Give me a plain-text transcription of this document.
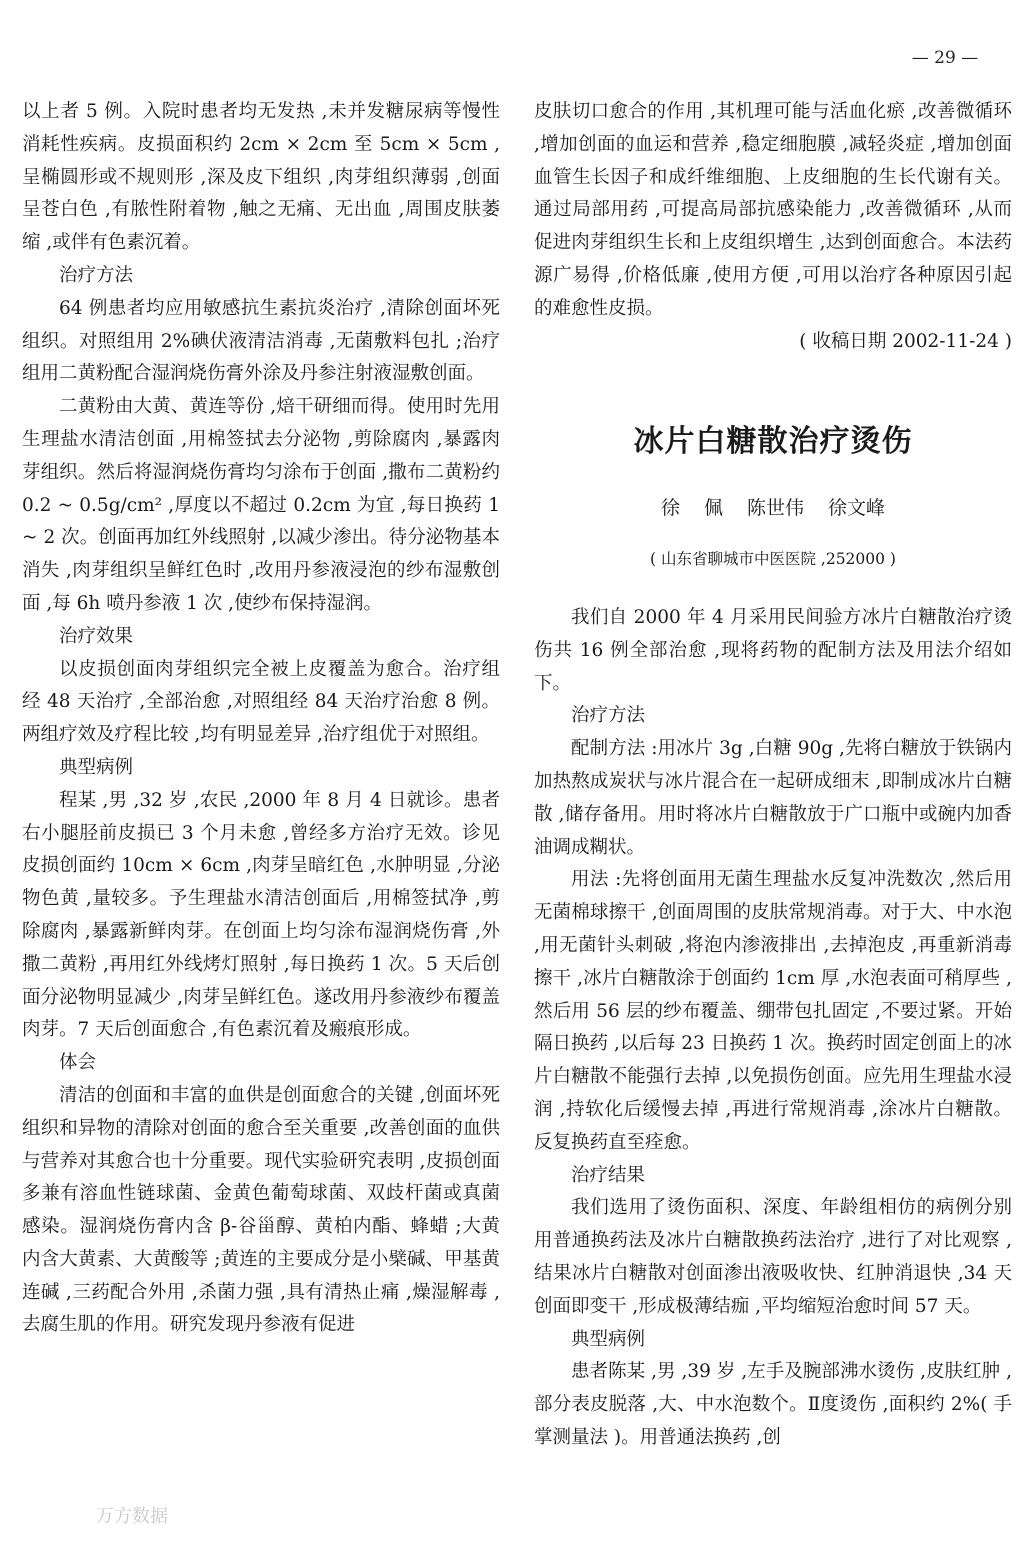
— 29 —

以上者 5 例。入院时患者均无发热 ,未并发糖尿病等慢性消耗性疾病。皮损面积约 2cm × 2cm 至 5cm × 5cm ,呈椭圆形或不规则形 ,深及皮下组织 ,肉芽组织薄弱 ,创面呈苍白色 ,有脓性附着物 ,触之无痛、无出血 ,周围皮肤萎缩 ,或伴有色素沉着。

治疗方法

64 例患者均应用敏感抗生素抗炎治疗 ,清除创面坏死组织。对照组用 2%碘伏液清洁消毒 ,无菌敷料包扎 ;治疗组用二黄粉配合湿润烧伤膏外涂及丹参注射液湿敷创面。

二黄粉由大黄、黄连等份 ,焙干研细而得。使用时先用生理盐水清洁创面 ,用棉签拭去分泌物 ,剪除腐肉 ,暴露肉芽组织。然后将湿润烧伤膏均匀涂布于创面 ,撒布二黄粉约 0.2 ~ 0.5g/cm² ,厚度以不超过 0.2cm 为宜 ,每日换药 1 ~ 2 次。创面再加红外线照射 ,以减少渗出。待分泌物基本消失 ,肉芽组织呈鲜红色时 ,改用丹参液浸泡的纱布湿敷创面 ,每 6h 喷丹参液 1 次 ,使纱布保持湿润。

治疗效果

以皮损创面肉芽组织完全被上皮覆盖为愈合。治疗组经 48 天治疗 ,全部治愈 ,对照组经 84 天治疗治愈 8 例。两组疗效及疗程比较 ,均有明显差异 ,治疗组优于对照组。

典型病例

程某 ,男 ,32 岁 ,农民 ,2000 年 8 月 4 日就诊。患者右小腿胫前皮损已 3 个月未愈 ,曾经多方治疗无效。诊见皮损创面约 10cm × 6cm ,肉芽呈暗红色 ,水肿明显 ,分泌物色黄 ,量较多。予生理盐水清洁创面后 ,用棉签拭净 ,剪除腐肉 ,暴露新鲜肉芽。在创面上均匀涂布湿润烧伤膏 ,外撒二黄粉 ,再用红外线烤灯照射 ,每日换药 1 次。5 天后创面分泌物明显减少 ,肉芽呈鲜红色。遂改用丹参液纱布覆盖肉芽。7 天后创面愈合 ,有色素沉着及瘢痕形成。

体会

清洁的创面和丰富的血供是创面愈合的关键 ,创面坏死组织和异物的清除对创面的愈合至关重要 ,改善创面的血供与营养对其愈合也十分重要。现代实验研究表明 ,皮损创面多兼有溶血性链球菌、金黄色葡萄球菌、双歧杆菌或真菌感染。湿润烧伤膏内含 β-谷甾醇、黄柏内酯、蜂蜡 ;大黄内含大黄素、大黄酸等 ;黄连的主要成分是小檗碱、甲基黄连碱 ,三药配合外用 ,杀菌力强 ,具有清热止痛 ,燥湿解毒 ,去腐生肌的作用。研究发现丹参液有促进

皮肤切口愈合的作用 ,其机理可能与活血化瘀 ,改善微循环 ,增加创面的血运和营养 ,稳定细胞膜 ,减轻炎症 ,增加创面血管生长因子和成纤维细胞、上皮细胞的生长代谢有关。通过局部用药 ,可提高局部抗感染能力 ,改善微循环 ,从而促进肉芽组织生长和上皮组织增生 ,达到创面愈合。本法药源广易得 ,价格低廉 ,使用方便 ,可用以治疗各种原因引起的难愈性皮损。

( 收稿日期 2002-11-24 )

冰片白糖散治疗烫伤

徐 佩 陈世伟 徐文峰

( 山东省聊城市中医医院 ,252000 )

我们自 2000 年 4 月采用民间验方冰片白糖散治疗烫伤共 16 例全部治愈 ,现将药物的配制方法及用法介绍如下。

治疗方法

配制方法 :用冰片 3g ,白糖 90g ,先将白糖放于铁锅内加热熬成炭状与冰片混合在一起研成细末 ,即制成冰片白糖散 ,储存备用。用时将冰片白糖散放于广口瓶中或碗内加香油调成糊状。

用法 :先将创面用无菌生理盐水反复冲洗数次 ,然后用无菌棉球擦干 ,创面周围的皮肤常规消毒。对于大、中水泡 ,用无菌针头刺破 ,将泡内渗液排出 ,去掉泡皮 ,再重新消毒擦干 ,冰片白糖散涂于创面约 1cm 厚 ,水泡表面可稍厚些 ,然后用 56 层的纱布覆盖、绷带包扎固定 ,不要过紧。开始隔日换药 ,以后每 23 日换药 1 次。换药时固定创面上的冰片白糖散不能强行去掉 ,以免损伤创面。应先用生理盐水浸润 ,持软化后缓慢去掉 ,再进行常规消毒 ,涂冰片白糖散。反复换药直至痊愈。

治疗结果

我们选用了烫伤面积、深度、年龄组相仿的病例分别用普通换药法及冰片白糖散换药法治疗 ,进行了对比观察 ,结果冰片白糖散对创面渗出液吸收快、红肿消退快 ,34 天创面即变干 ,形成极薄结痂 ,平均缩短治愈时间 57 天。

典型病例

患者陈某 ,男 ,39 岁 ,左手及腕部沸水烫伤 ,皮肤红肿 ,部分表皮脱落 ,大、中水泡数个。Ⅱ度烫伤 ,面积约 2%( 手掌测量法 )。用普通法换药 ,创

万方数据
